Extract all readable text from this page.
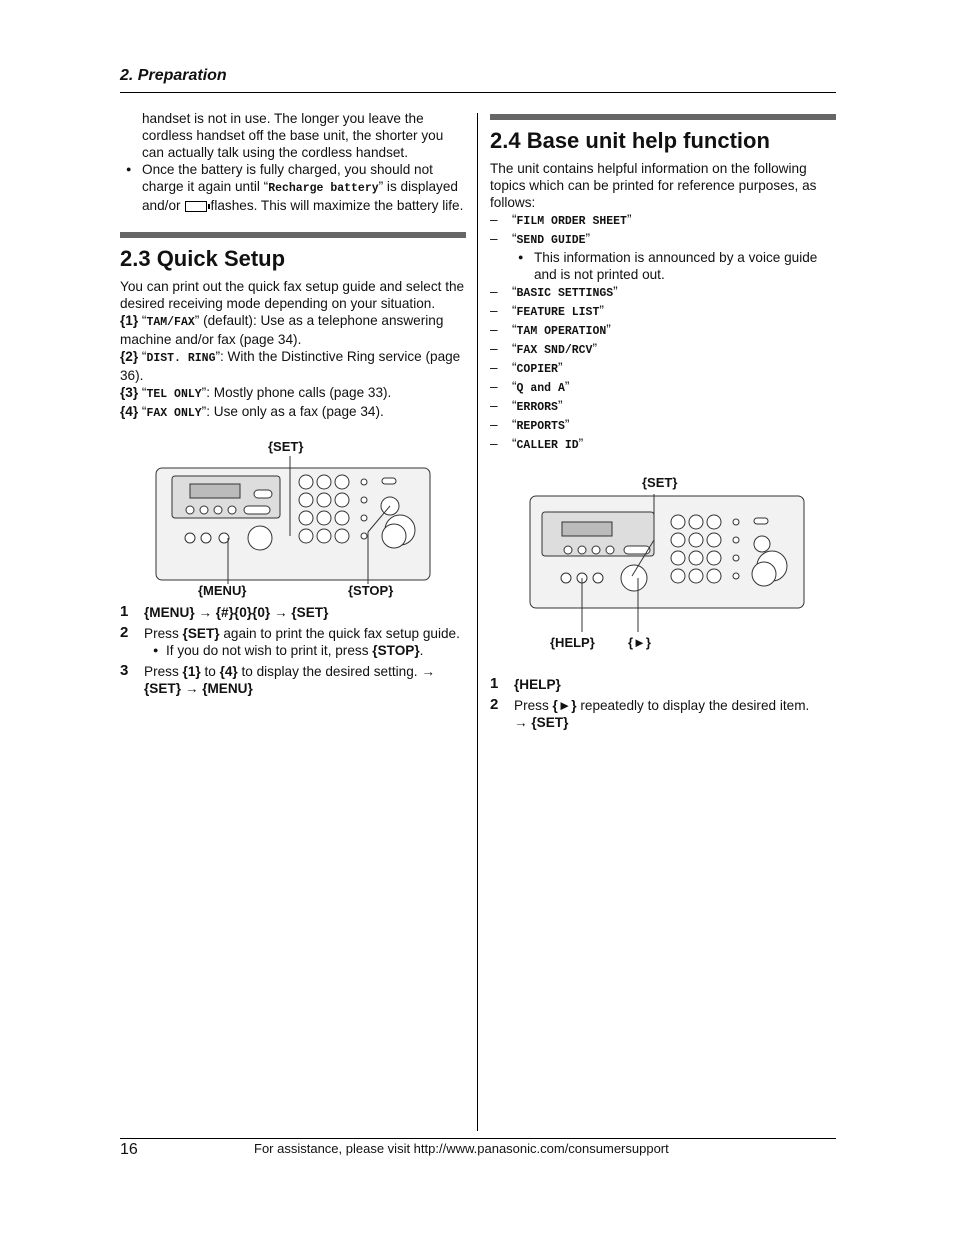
2. Preparation

handset is not in use. The longer you leave the cordless handset off the base unit, the shorter you can actually talk using the cordless handset.

● Once the battery is fully charged, you should not charge it again until “Recharge battery” is displayed and/or flashes. This will maximize the battery life.

2.3 Quick Setup

You can print out the quick fax setup guide and select the desired receiving mode depending on your situation.

{1} “TAM/FAX” (default): Use as a telephone answering machine and/or fax (page 34).

{2} “DIST. RING”: With the Distinctive Ring service (page 36).

{3} “TEL ONLY”: Mostly phone calls (page 33).

{4} “FAX ONLY”: Use only as a fax (page 34).

{SET}
{MENU}	{STOP}
1 {MENU} → {#}{0}{0} → {SET}
2 Press {SET} again to print the quick fax setup guide.

● If you do not wish to print it, press {STOP}.

3 Press {1} to {4} to display the desired setting. →
{SET} → {MENU}
2.4 Base unit help function

The unit contains helpful information on the following topics which can be printed for reference purposes, as follows:

– “FILM ORDER SHEET”

– “SEND GUIDE”

● This information is announced by a voice guide and is not printed out.

– “BASIC SETTINGS”

– “FEATURE LIST”

– “TAM OPERATION”

– “FAX SND/RCV”

– “COPIER”

– “Q and A”

– “ERRORS”

– “REPORTS”

– “CALLER ID”

{SET}
{HELP}	{►}
1 {HELP}
2 Press {►} repeatedly to display the desired item.
→ {SET}
16	For assistance, please visit http://www.panasonic.com/consumersupport
